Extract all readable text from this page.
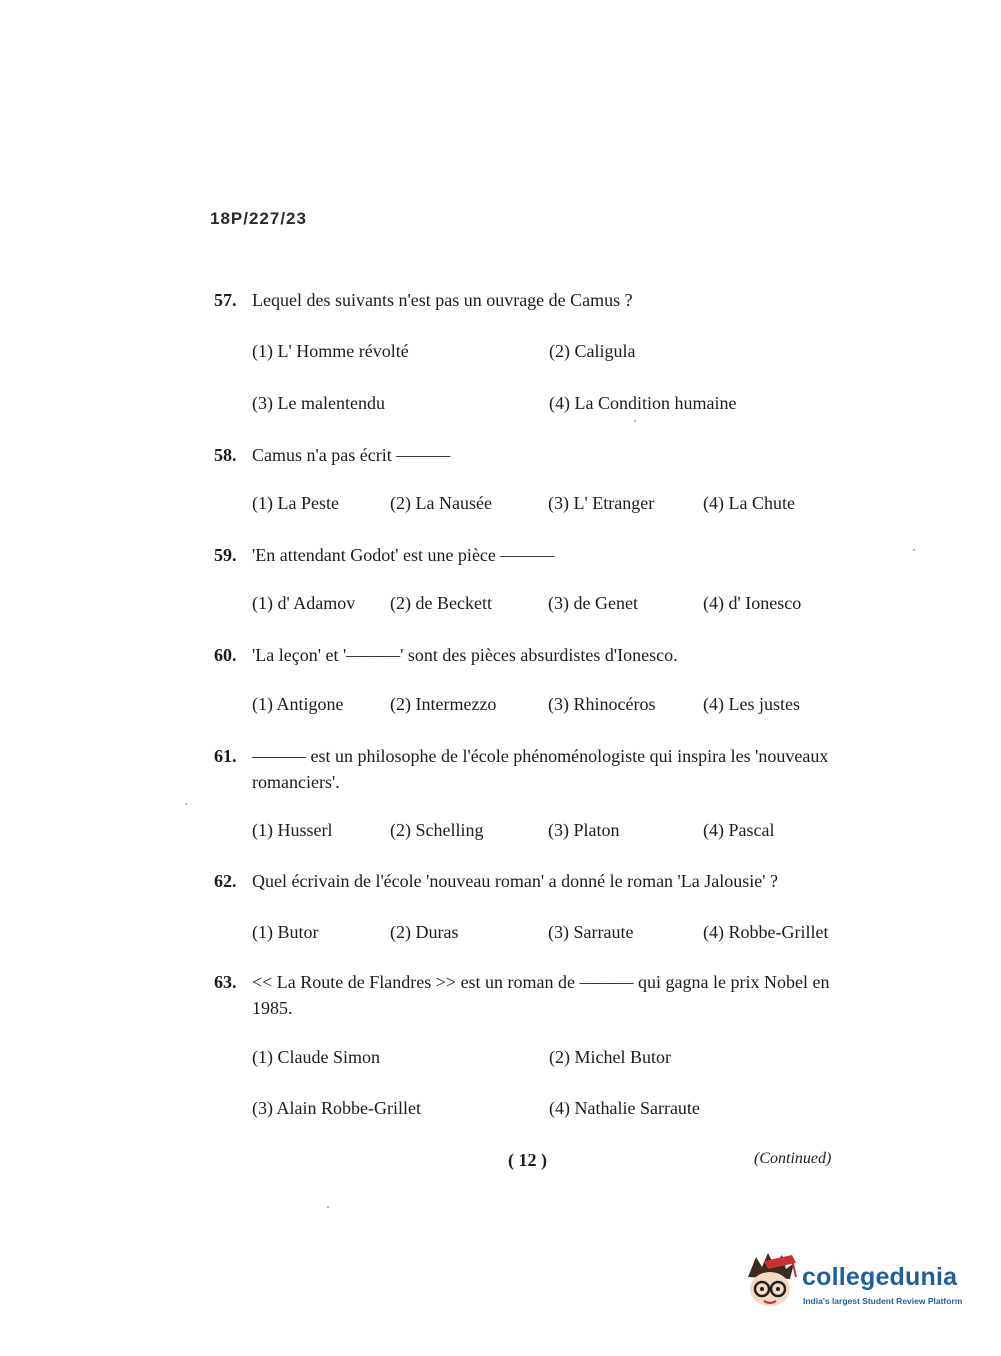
18P/227/23
57. Lequel des suivants n'est pas un ouvrage de Camus ?
(1) L' Homme révolté	(2) Caligula
(3) Le malentendu	(4) La Condition humaine
58. Camus n'a pas écrit ———
(1) La Peste	(2) La Nausée	(3) L' Etranger	(4) La Chute
59. 'En attendant Godot' est une pièce ———
(1) d' Adamov (2) de Beckett	(3) de Genet	(4) d' Ionesco
60. 'La leçon' et '———' sont des pièces absurdistes d'Ionesco.
(1) Antigone	(2) Intermezzo	(3) Rhinocéros	(4) Les justes
61. ——— est un philosophe de l'école phénoménologiste qui inspira les 'nouveaux romanciers'.
(1) Husserl	(2) Schelling	(3) Platon	(4) Pascal
62. Quel écrivain de l'école 'nouveau roman' a donné le roman 'La Jalousie' ?
(1) Butor	(2) Duras	(3) Sarraute	(4) Robbe-Grillet
63. << La Route de Flandres >> est un roman de ——— qui gagna le prix Nobel en 1985.
(1) Claude Simon	(2) Michel Butor
(3) Alain Robbe-Grillet	(4) Nathalie Sarraute
( 12 )	(Continued)
collegedunia
India's largest Student Review Platform
